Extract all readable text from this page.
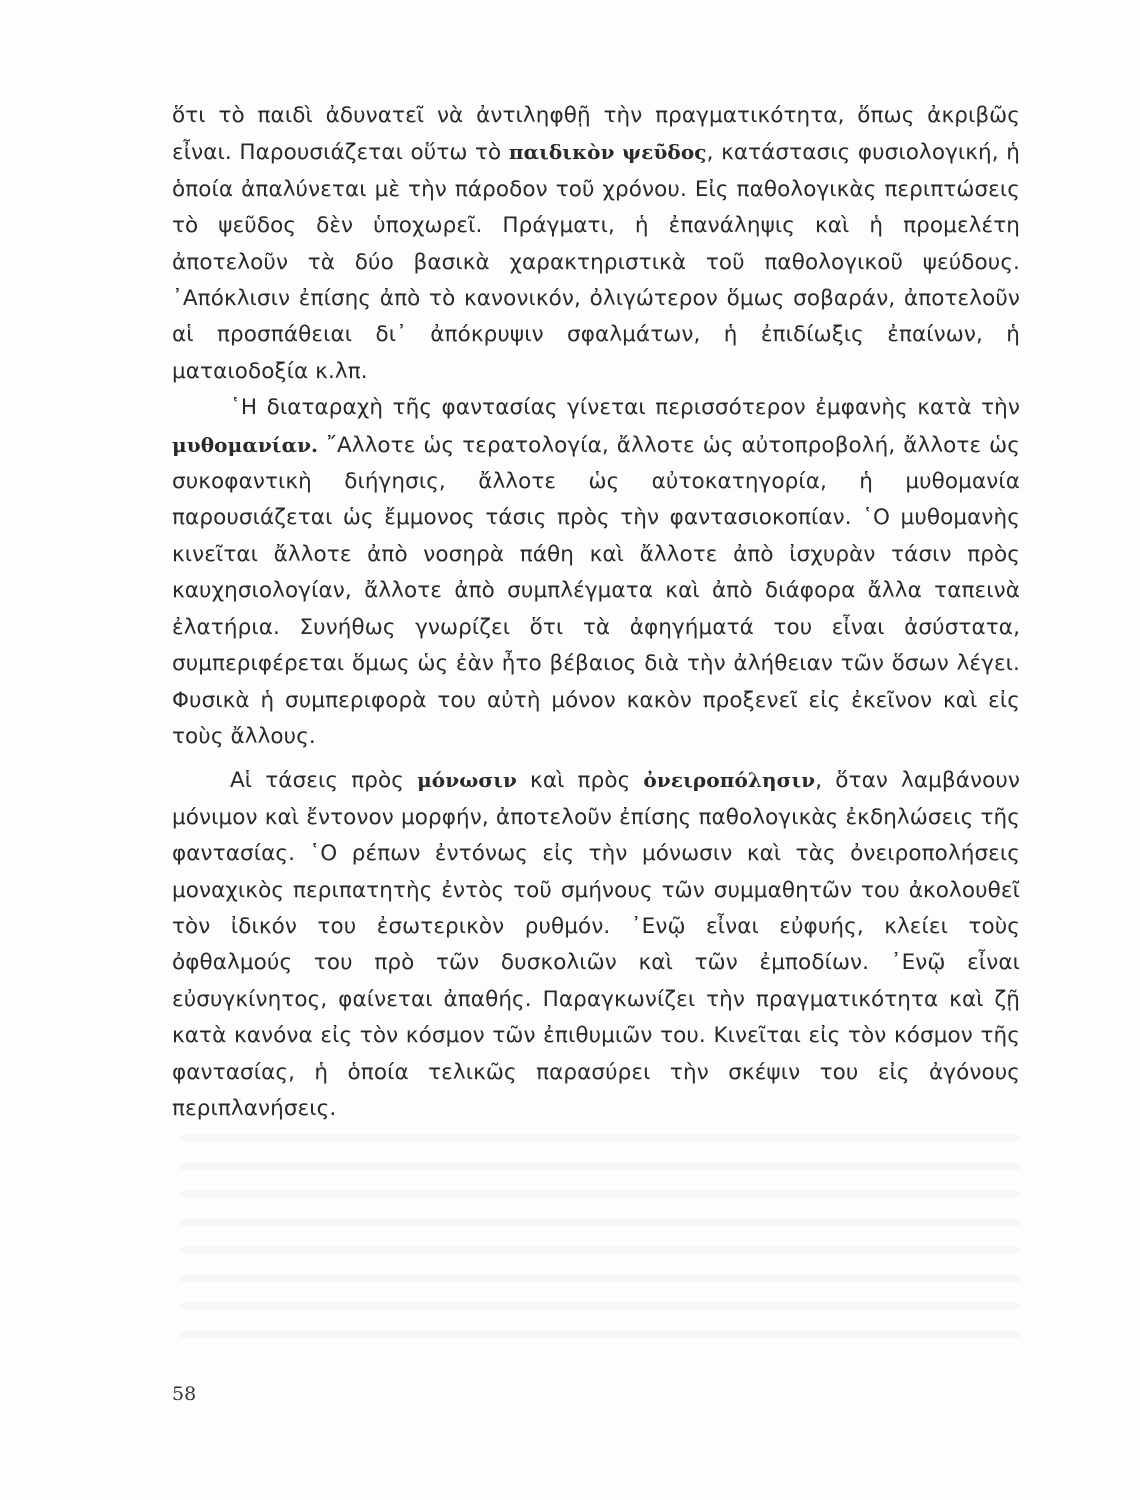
ὅτι τὸ παιδὶ ἀδυνατεῖ νὰ ἀντιληφθῇ τὴν πραγματικότητα, ὅπως ἀκριβῶς εἶναι. Παρουσιάζεται οὕτω τὸ παιδικὸν ψεῦδος, κατάστασις φυσιολογική, ἡ ὁποία ἀπαλύνεται μὲ τὴν πάροδον τοῦ χρόνου. Εἰς παθολογικὰς περιπτώσεις τὸ ψεῦδος δὲν ὑποχωρεῖ. Πράγματι, ἡ ἐπανάληψις καὶ ἡ προμελέτη ἀποτελοῦν τὰ δύο βασικὰ χαρακτηριστικὰ τοῦ παθολογικοῦ ψεύδους. ᾿Απόκλισιν ἐπίσης ἀπὸ τὸ κανονικόν, ὀλιγώτερον ὅμως σοβαράν, ἀποτελοῦν αἱ προσπάθειαι δι᾿ ἀπόκρυψιν σφαλμάτων, ἡ ἐπιδίωξις ἐπαίνων, ἡ ματαιοδοξία κ.λπ.

῾Η διαταραχὴ τῆς φαντασίας γίνεται περισσότερον ἐμφανὴς κατὰ τὴν μυθομανίαν. ῎Αλλοτε ὡς τερατολογία, ἄλλοτε ὡς αὐτοπροβολή, ἄλλοτε ὡς συκοφαντικὴ διήγησις, ἄλλοτε ὡς αὐτοκατηγορία, ἡ μυθομανία παρουσιάζεται ὡς ἔμμονος τάσις πρὸς τὴν φαντασιοκοπίαν. ῾Ο μυθομανὴς κινεῖται ἄλλοτε ἀπὸ νοσηρὰ πάθη καὶ ἄλλοτε ἀπὸ ἰσχυρὰν τάσιν πρὸς καυχησιολογίαν, ἄλλοτε ἀπὸ συμπλέγματα καὶ ἀπὸ διάφορα ἄλλα ταπεινὰ ἐλατήρια. Συνήθως γνωρίζει ὅτι τὰ ἀφηγήματά του εἶναι ἀσύστατα, συμπεριφέρεται ὅμως ὡς ἐὰν ἦτο βέβαιος διὰ τὴν ἀλήθειαν τῶν ὅσων λέγει. Φυσικὰ ἡ συμπεριφορὰ του αὐτὴ μόνον κακὸν προξενεῖ εἰς ἐκεῖνον καὶ εἰς τοὺς ἄλλους.

Αἱ τάσεις πρὸς μόνωσιν καὶ πρὸς ὀνειροπόλησιν, ὅταν λαμβάνουν μόνιμον καὶ ἔντονον μορφήν, ἀποτελοῦν ἐπίσης παθολογικὰς ἐκδηλώσεις τῆς φαντασίας. ῾Ο ρέπων ἐντόνως εἰς τὴν μόνωσιν καὶ τὰς ὀνειροπολήσεις μοναχικὸς περιπατητὴς ἐντὸς τοῦ σμήνους τῶν συμμαθητῶν του ἀκολουθεῖ τὸν ἰδικόν του ἐσωτερικὸν ρυθμόν. ᾿Ενῷ εἶναι εὐφυής, κλείει τοὺς ὀφθαλμούς του πρὸ τῶν δυσκολιῶν καὶ τῶν ἐμποδίων. ᾿Ενῷ εἶναι εὐσυγκίνητος, φαίνεται ἀπαθής. Παραγκωνίζει τὴν πραγματικότητα καὶ ζῇ κατὰ κανόνα εἰς τὸν κόσμον τῶν ἐπιθυμιῶν του. Κινεῖται εἰς τὸν κόσμον τῆς φαντασίας, ἡ ὁποία τελικῶς παρασύρει τὴν σκέψιν του εἰς ἀγόνους περιπλανήσεις.

58
